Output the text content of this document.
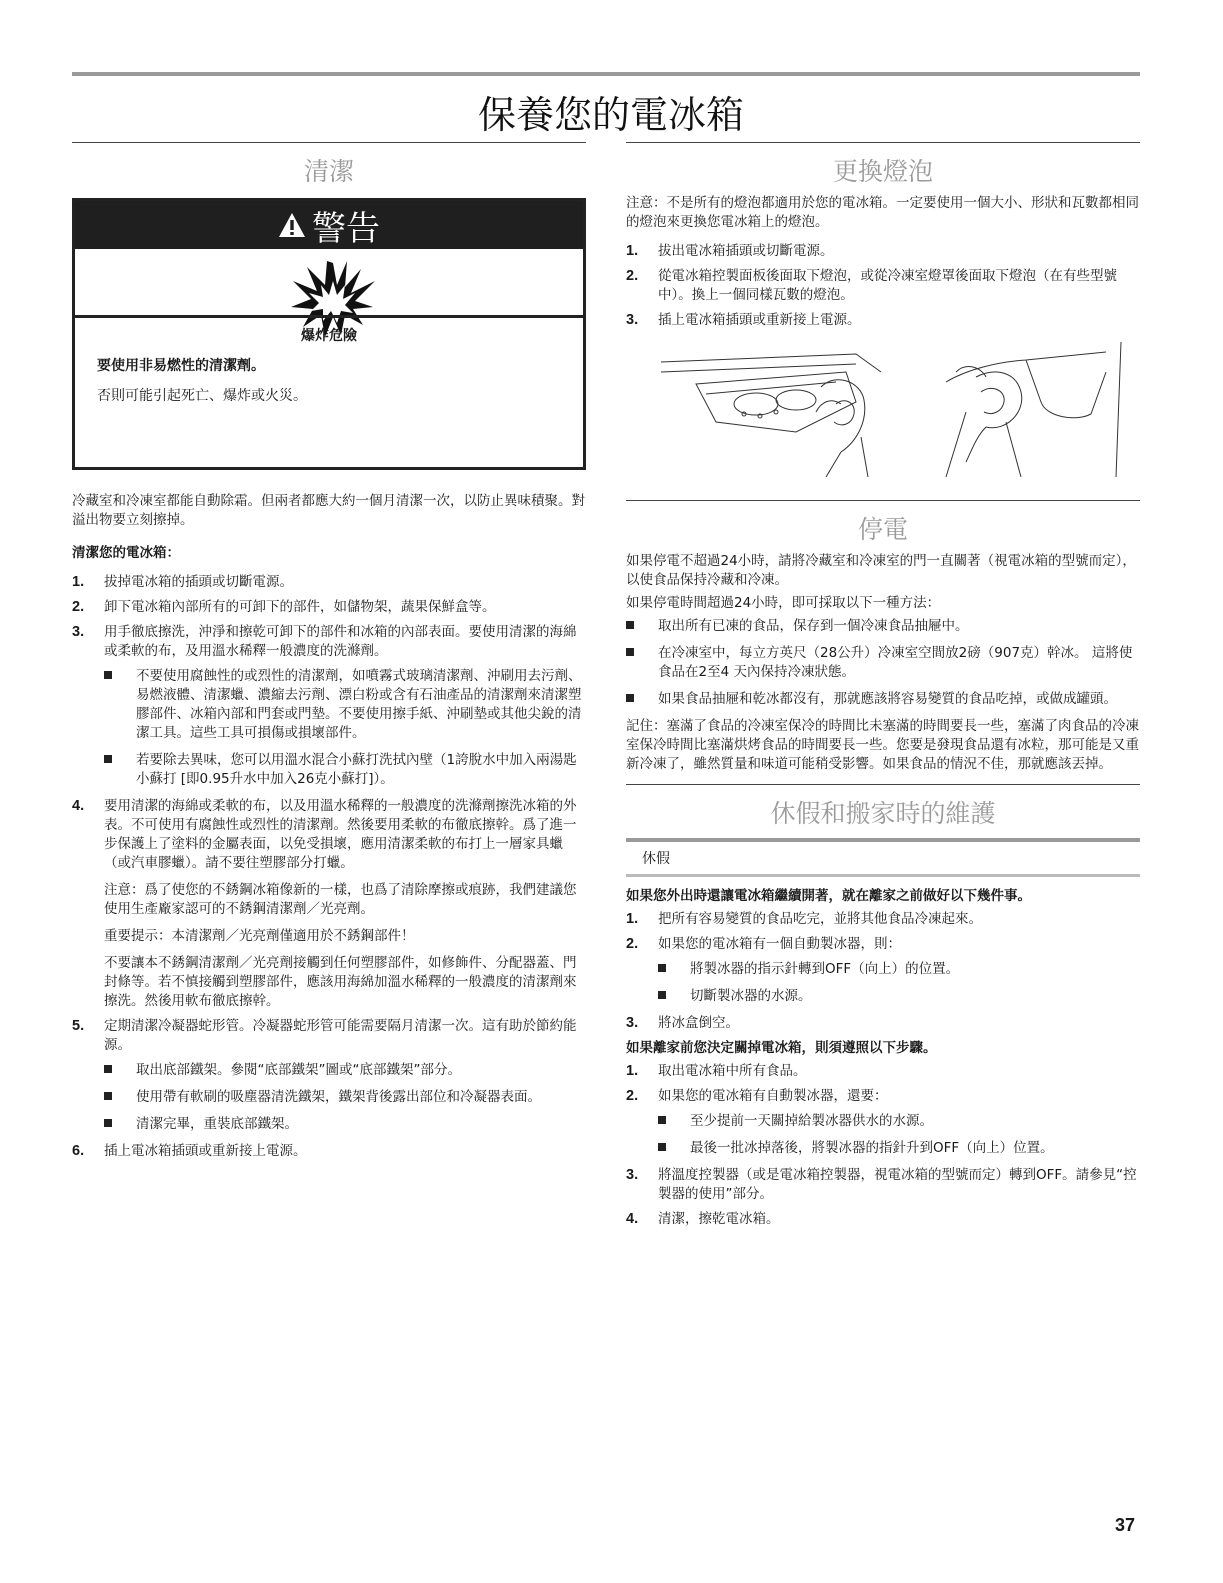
保養您的電冰箱
清潔
警告
爆炸危險
要使用非易燃性的清潔劑。
否則可能引起死亡、爆炸或火災。

冷藏室和冷凍室都能自動除霜。但兩者都應大約一個月清潔一次，以防止異味積聚。對溢出物要立刻擦掉。

清潔您的電冰箱：

1. 拔掉電冰箱的插頭或切斷電源。
2. 卸下電冰箱內部所有的可卸下的部件，如儲物架，蔬果保鮮盒等。
3. 用手徹底擦洗，沖淨和擦乾可卸下的部件和冰箱的內部表面。要使用清潔的海綿或柔軟的布，及用溫水稀釋一般濃度的洗滌劑。
不要使用腐蝕性的或烈性的清潔劑，如噴霧式玻璃清潔劑、沖刷用去污劑、易燃液體、清潔蠟、濃縮去污劑、漂白粉或含有石油產品的清潔劑來清潔塑膠部件、冰箱內部和門套或門墊。不要使用擦手紙、沖刷墊或其他尖銳的清潔工具。這些工具可損傷或損壞部件。
若要除去異味，您可以用溫水混合小蘇打洗拭內壁（1誇脫水中加入兩湯匙小蘇打 [即0.95升水中加入26克小蘇打]）。
4. 要用清潔的海綿或柔軟的布，以及用溫水稀釋的一般濃度的洗滌劑擦洗冰箱的外表。不可使用有腐蝕性或烈性的清潔劑。然後要用柔軟的布徹底擦幹。爲了進一步保護上了塗料的金屬表面，以免受損壞，應用清潔柔軟的布打上一層家具蠟（或汽車膠蠟）。請不要往塑膠部分打蠟。

注意：爲了使您的不銹鋼冰箱像新的一樣，也爲了清除摩擦或痕跡，我們建議您使用生產廠家認可的不銹鋼清潔劑／光亮劑。

重要提示：本清潔劑／光亮劑僅適用於不銹鋼部件！

不要讓本不銹鋼清潔劑／光亮劑接觸到任何塑膠部件，如修飾件、分配器蓋、門封條等。若不慎接觸到塑膠部件，應該用海綿加溫水稀釋的一般濃度的清潔劑來擦洗。然後用軟布徹底擦幹。

5. 定期清潔冷凝器蛇形管。冷凝器蛇形管可能需要隔月清潔一次。這有助於節約能源。
取出底部鐵架。參閱“底部鐵架”圖或“底部鐵架”部分。
使用帶有軟刷的吸塵器清洗鐵架，鐵架背後露出部位和冷凝器表面。
清潔完畢，重裝底部鐵架。
6. 插上電冰箱插頭或重新接上電源。
更換燈泡

注意：不是所有的燈泡都適用於您的電冰箱。一定要使用一個大小、形狀和瓦數都相同的燈泡來更換您電冰箱上的燈泡。

1. 拔出電冰箱插頭或切斷電源。
2. 從電冰箱控製面板後面取下燈泡，或從冷凍室燈罩後面取下燈泡（在有些型號中）。換上一個同樣瓦數的燈泡。
3. 插上電冰箱插頭或重新接上電源。
停電

如果停電不超過24小時，請將冷藏室和冷凍室的門一直關著（視電冰箱的型號而定），以使食品保持冷藏和冷凍。

如果停電時間超過24小時，即可採取以下一種方法：

取出所有已凍的食品，保存到一個冷凍食品抽屜中。
在冷凍室中，每立方英尺（28公升）冷凍室空間放2磅（907克）幹冰。 這將使食品在2至4 天內保持冷凍狀態。
如果食品抽屜和乾冰都沒有，那就應該將容易變質的食品吃掉，或做成罐頭。

記住：塞滿了食品的冷凍室保冷的時間比未塞滿的時間要長一些，塞滿了肉食品的冷凍室保冷時間比塞滿烘烤食品的時間要長一些。您要是發現食品還有冰粒，那可能是又重新冷凍了，雖然質量和味道可能稍受影響。如果食品的情況不佳，那就應該丟掉。

休假和搬家時的維護
休假

如果您外出時還讓電冰箱繼續開著，就在離家之前做好以下幾件事。

1. 把所有容易變質的食品吃完，並將其他食品冷凍起來。
2. 如果您的電冰箱有一個自動製冰器，則：
將製冰器的指示針轉到OFF（向上）的位置。
切斷製冰器的水源。
3. 將冰盒倒空。

如果離家前您決定關掉電冰箱，則須遵照以下步驟。

1. 取出電冰箱中所有食品。
2. 如果您的電冰箱有自動製冰器，還要：
至少提前一天關掉給製冰器供水的水源。
最後一批冰掉落後，將製冰器的指針升到OFF（向上）位置。
3. 將溫度控製器（或是電冰箱控製器，視電冰箱的型號而定）轉到OFF。請參見“控製器的使用”部分。
4. 清潔，擦乾電冰箱。
37
